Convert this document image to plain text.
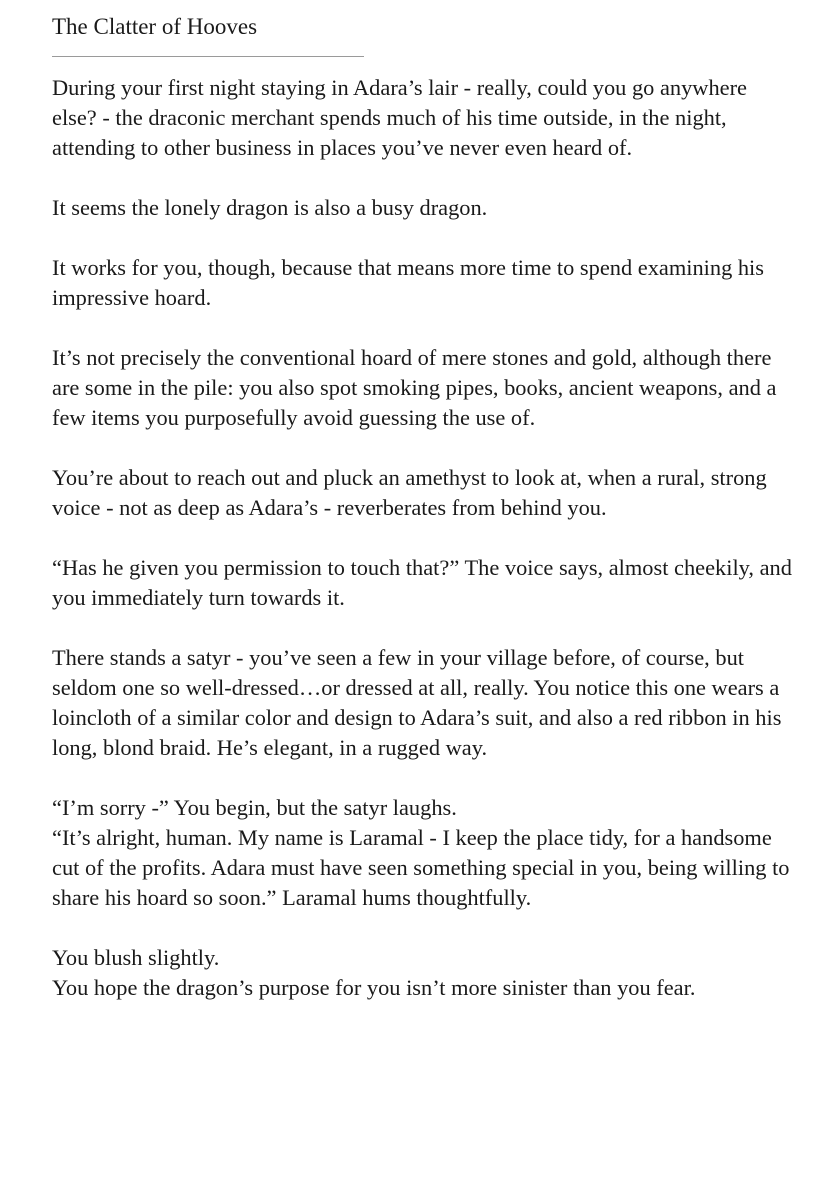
The Clatter of Hooves

During your first night staying in Adara’s lair - really, could you go anywhere else? - the draconic merchant spends much of his time outside, in the night, attending to other business in places you’ve never even heard of.

It seems the lonely dragon is also a busy dragon.

It works for you, though, because that means more time to spend examining his impressive hoard.

It’s not precisely the conventional hoard of mere stones and gold, although there are some in the pile: you also spot smoking pipes, books, ancient weapons, and a few items you purposefully avoid guessing the use of.

You’re about to reach out and pluck an amethyst to look at, when a rural, strong voice - not as deep as Adara’s - reverberates from behind you.

“Has he given you permission to touch that?” The voice says, almost cheekily, and you immediately turn towards it.

There stands a satyr - you’ve seen a few in your village before, of course, but seldom one so well-dressed…or dressed at all, really. You notice this one wears a loincloth of a similar color and design to Adara’s suit, and also a red ribbon in his long, blond braid. He’s elegant, in a rugged way.

“I’m sorry -” You begin, but the satyr laughs.

“It’s alright, human. My name is Laramal - I keep the place tidy, for a handsome cut of the profits. Adara must have seen something special in you, being willing to share his hoard so soon.” Laramal hums thoughtfully.

You blush slightly.

You hope the dragon’s purpose for you isn’t more sinister than you fear.
